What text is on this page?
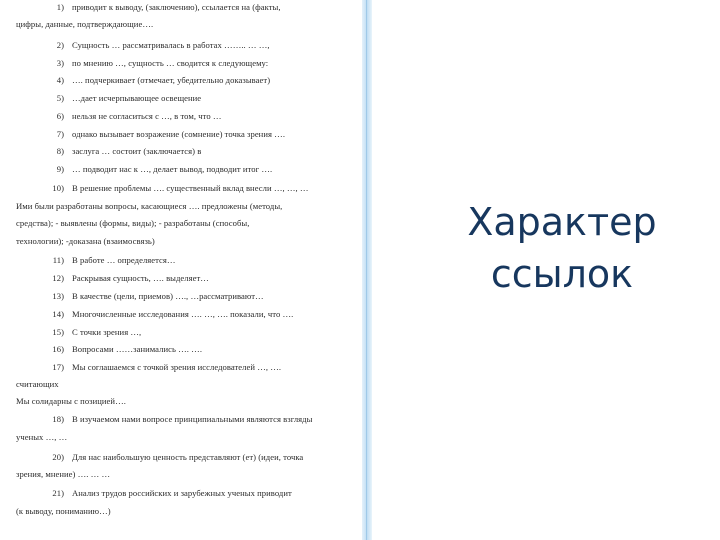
1) приводит к выводу, (заключению), ссылается на (факты,
цифры, данные, подтверждающие….
2) Сущность … рассматривалась в работах …….. … …,
3) по мнению …, сущность … сводится к следующему:
4) …. подчеркивает (отмечает, убедительно доказывает)
5) …дает исчерпывающее освещение
6) нельзя не согласиться с …, в том, что …
7) однако вызывает возражение (сомнение) точка зрения ….
8) заслуга … состоит (заключается) в
9) … подводит нас к …, делает вывод, подводит итог ….
10) В решение проблемы …. существенный вклад внесли …, …, …
Ими были разработаны вопросы, касающиеся …. предложены (методы,
средства); - выявлены (формы, виды); - разработаны (способы,
технологии); -доказана (взаимосвязь)
11) В работе … определяется…
12) Раскрывая сущность, …. выделяет…
13) В качестве (цели, приемов) …., …рассматривают…
14) Многочисленные исследования …. …, …. показали, что ….
15) С точки зрения …,
16) Вопросами ……занимались …. ….
17) Мы соглашаемся с точкой зрения исследователей …, ….
считающих
Мы солидарны с позицией….
18) В изучаемом нами вопросе принципиальными являются взгляды
ученых …, …
20) Для нас наибольшую ценность представляют (ет) (идеи, точка
зрения, мнение) …. … …
21) Анализ трудов российских и зарубежных ученых приводит
(к выводу, пониманию…)
Характер
ссылок
